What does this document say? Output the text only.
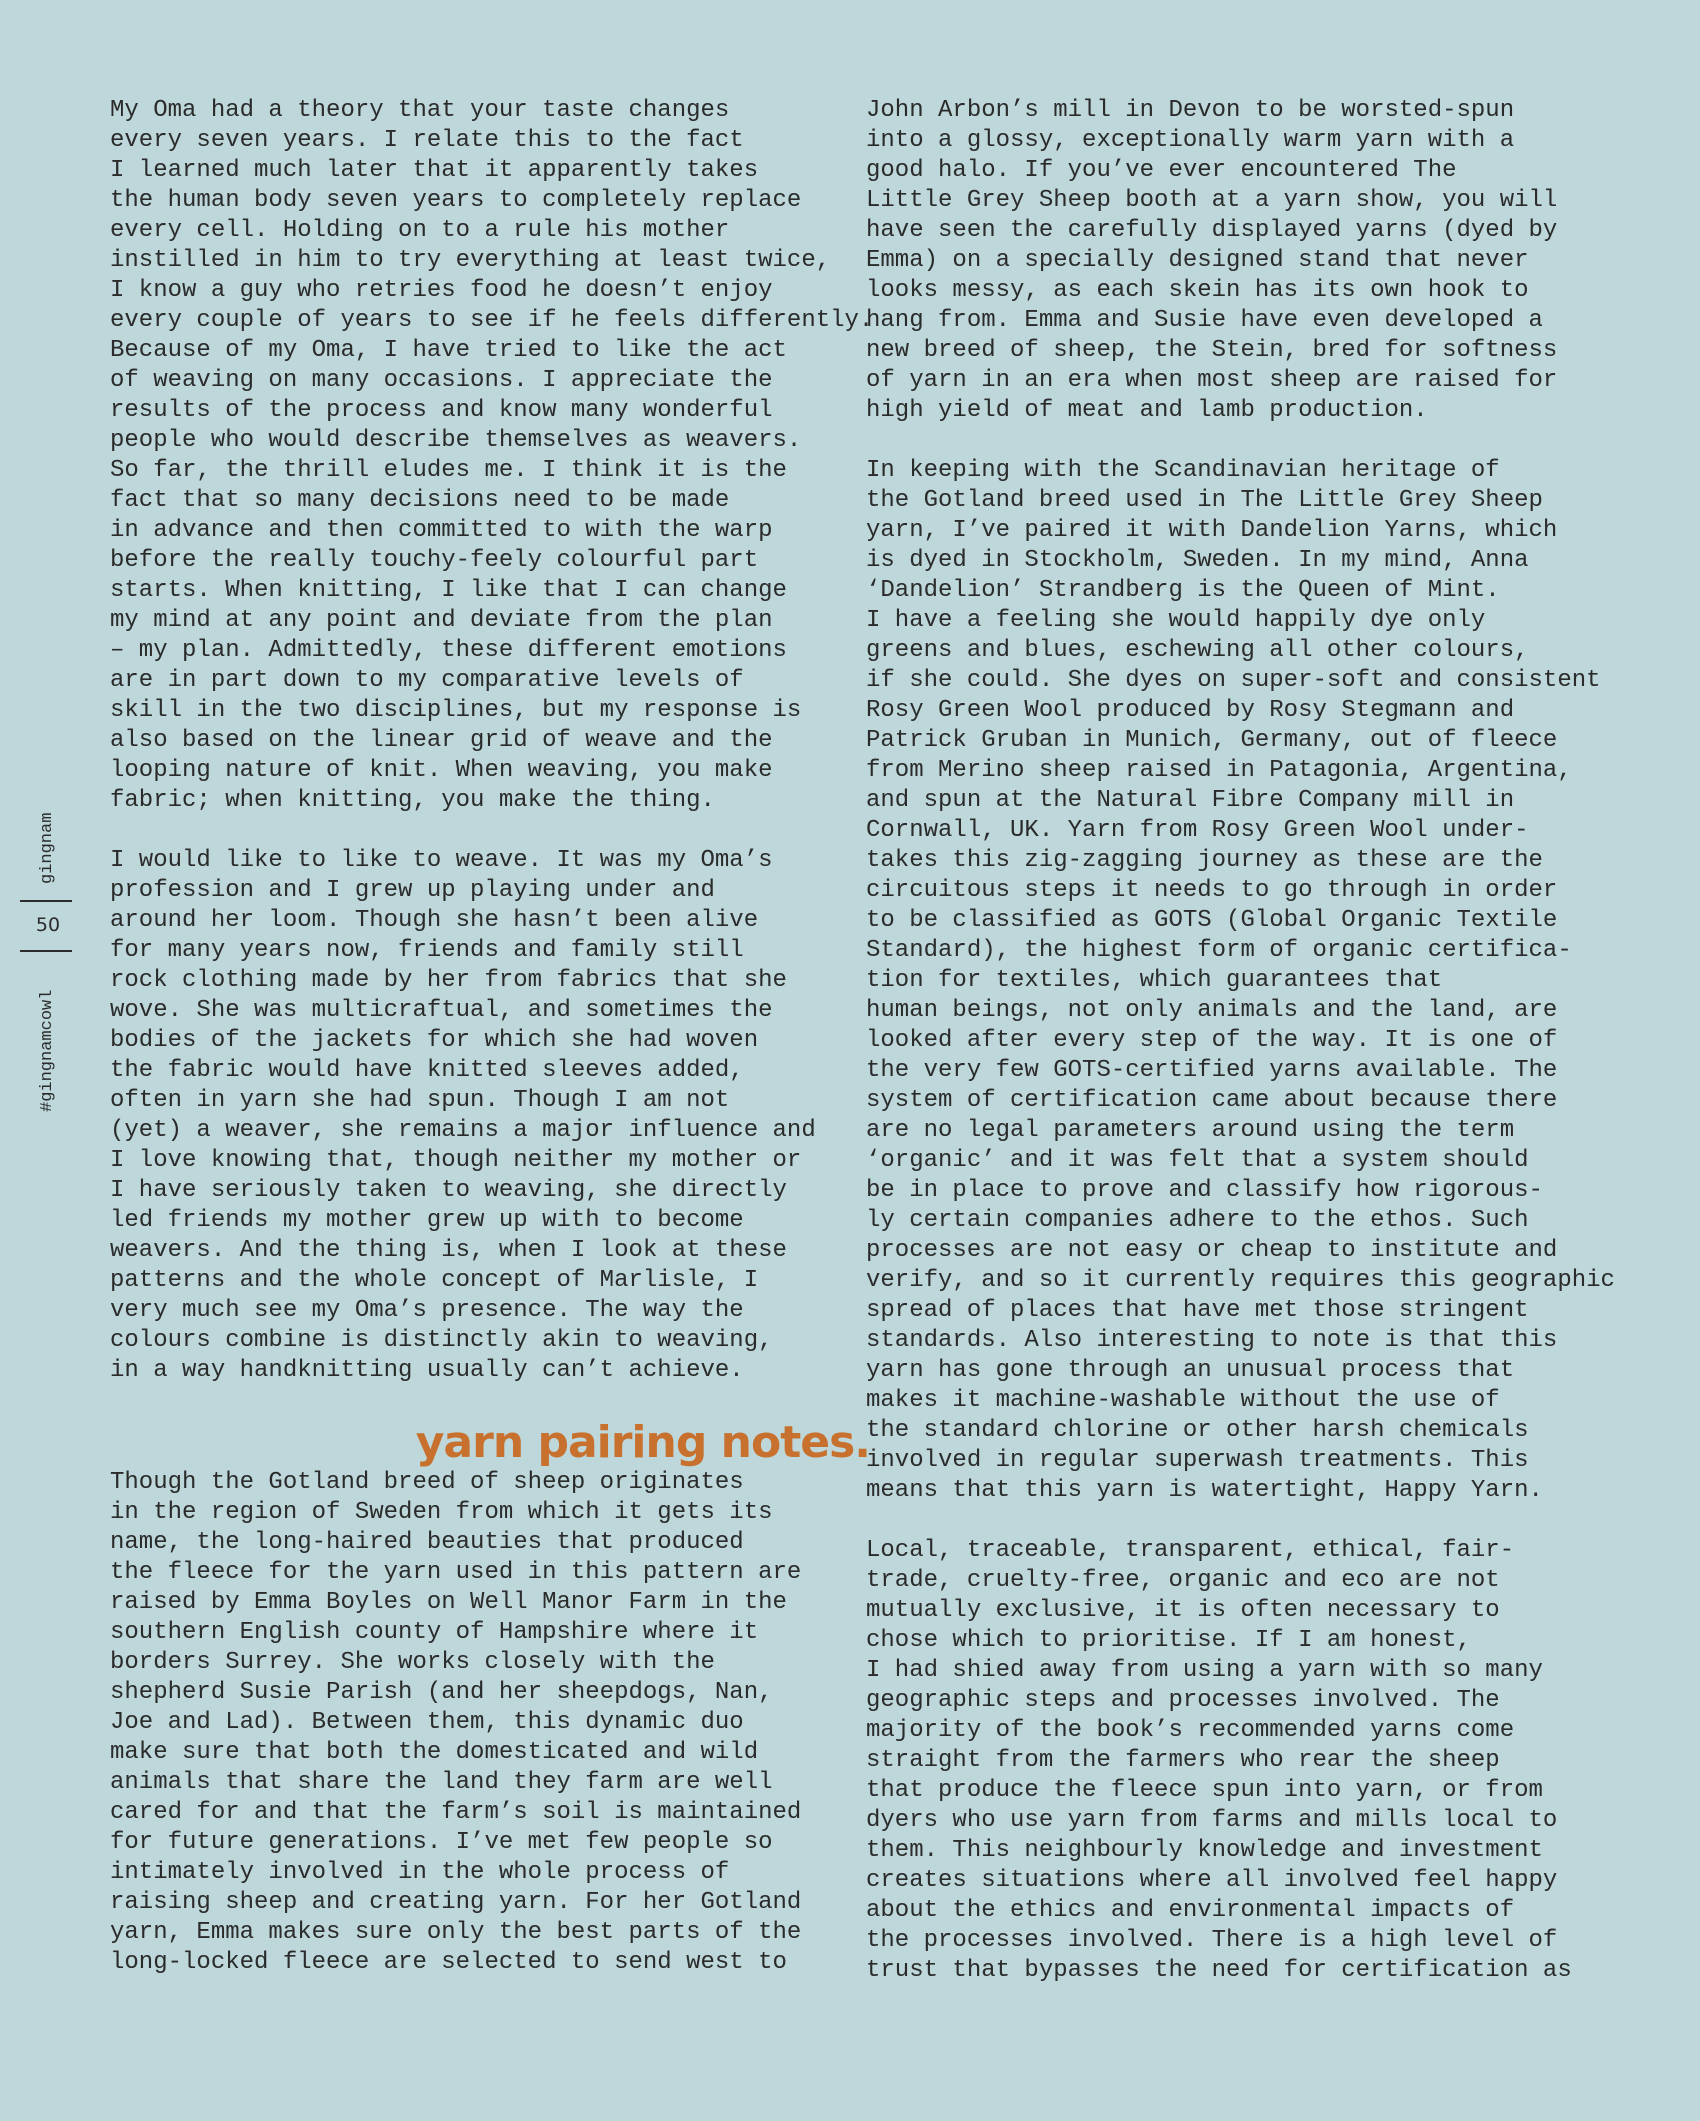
gingnam
50
#gingnamcowl

My Oma had a theory that your taste changes
every seven years. I relate this to the fact
I learned much later that it apparently takes
the human body seven years to completely replace
every cell. Holding on to a rule his mother
instilled in him to try everything at least twice,
I know a guy who retries food he doesn’t enjoy
every couple of years to see if he feels differently.
Because of my Oma, I have tried to like the act
of weaving on many occasions. I appreciate the
results of the process and know many wonderful
people who would describe themselves as weavers.
So far, the thrill eludes me. I think it is the
fact that so many decisions need to be made
in advance and then committed to with the warp
before the really touchy-feely colourful part
starts. When knitting, I like that I can change
my mind at any point and deviate from the plan
– my plan. Admittedly, these different emotions
are in part down to my comparative levels of
skill in the two disciplines, but my response is
also based on the linear grid of weave and the
looping nature of knit. When weaving, you make
fabric; when knitting, you make the thing.

I would like to like to weave. It was my Oma’s
profession and I grew up playing under and
around her loom. Though she hasn’t been alive
for many years now, friends and family still
rock clothing made by her from fabrics that she
wove. She was multicraftual, and sometimes the
bodies of the jackets for which she had woven
the fabric would have knitted sleeves added,
often in yarn she had spun. Though I am not
(yet) a weaver, she remains a major influence and
I love knowing that, though neither my mother or
I have seriously taken to weaving, she directly
led friends my mother grew up with to become
weavers. And the thing is, when I look at these
patterns and the whole concept of Marlisle, I
very much see my Oma’s presence. The way the
colours combine is distinctly akin to weaving,
in a way handknitting usually can’t achieve.

yarn pairing notes.

Though the Gotland breed of sheep originates
in the region of Sweden from which it gets its
name, the long-haired beauties that produced
the fleece for the yarn used in this pattern are
raised by Emma Boyles on Well Manor Farm in the
southern English county of Hampshire where it
borders Surrey. She works closely with the
shepherd Susie Parish (and her sheepdogs, Nan,
Joe and Lad). Between them, this dynamic duo
make sure that both the domesticated and wild
animals that share the land they farm are well
cared for and that the farm’s soil is maintained
for future generations. I’ve met few people so
intimately involved in the whole process of
raising sheep and creating yarn. For her Gotland
yarn, Emma makes sure only the best parts of the
long-locked fleece are selected to send west to

John Arbon’s mill in Devon to be worsted-spun
into a glossy, exceptionally warm yarn with a
good halo. If you’ve ever encountered The
Little Grey Sheep booth at a yarn show, you will
have seen the carefully displayed yarns (dyed by
Emma) on a specially designed stand that never
looks messy, as each skein has its own hook to
hang from. Emma and Susie have even developed a
new breed of sheep, the Stein, bred for softness
of yarn in an era when most sheep are raised for
high yield of meat and lamb production.

In keeping with the Scandinavian heritage of
the Gotland breed used in The Little Grey Sheep
yarn, I’ve paired it with Dandelion Yarns, which
is dyed in Stockholm, Sweden. In my mind, Anna
‘Dandelion’ Strandberg is the Queen of Mint.
I have a feeling she would happily dye only
greens and blues, eschewing all other colours,
if she could. She dyes on super-soft and consistent
Rosy Green Wool produced by Rosy Stegmann and
Patrick Gruban in Munich, Germany, out of fleece
from Merino sheep raised in Patagonia, Argentina,
and spun at the Natural Fibre Company mill in
Cornwall, UK. Yarn from Rosy Green Wool under-
takes this zig-zagging journey as these are the
circuitous steps it needs to go through in order
to be classified as GOTS (Global Organic Textile
Standard), the highest form of organic certifica-
tion for textiles, which guarantees that
human beings, not only animals and the land, are
looked after every step of the way. It is one of
the very few GOTS-certified yarns available. The
system of certification came about because there
are no legal parameters around using the term
‘organic’ and it was felt that a system should
be in place to prove and classify how rigorous-
ly certain companies adhere to the ethos. Such
processes are not easy or cheap to institute and
verify, and so it currently requires this geographic
spread of places that have met those stringent
standards. Also interesting to note is that this
yarn has gone through an unusual process that
makes it machine-washable without the use of
the standard chlorine or other harsh chemicals
involved in regular superwash treatments. This
means that this yarn is watertight, Happy Yarn.

Local, traceable, transparent, ethical, fair-
trade, cruelty-free, organic and eco are not
mutually exclusive, it is often necessary to
chose which to prioritise. If I am honest,
I had shied away from using a yarn with so many
geographic steps and processes involved. The
majority of the book’s recommended yarns come
straight from the farmers who rear the sheep
that produce the fleece spun into yarn, or from
dyers who use yarn from farms and mills local to
them. This neighbourly knowledge and investment
creates situations where all involved feel happy
about the ethics and environmental impacts of
the processes involved. There is a high level of
trust that bypasses the need for certification as
